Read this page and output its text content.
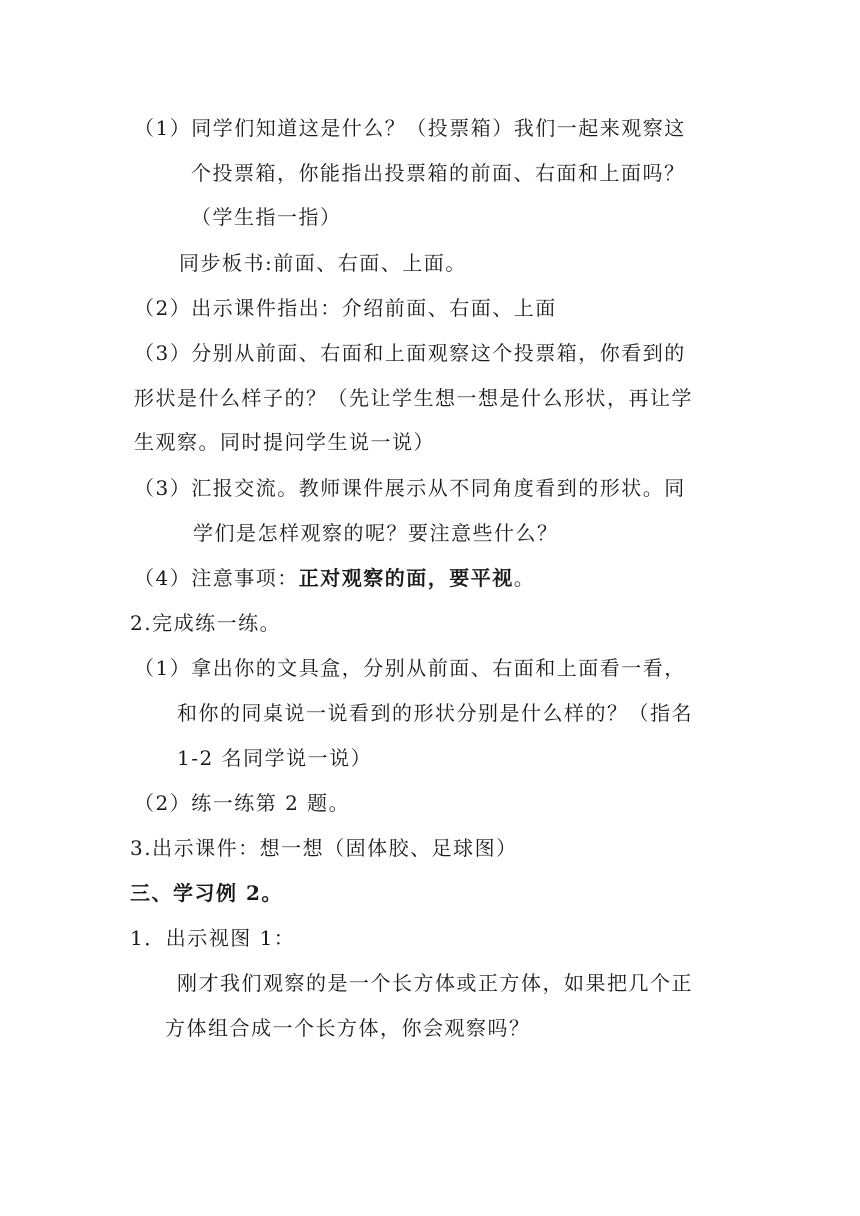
（1）同学们知道这是什么？（投票箱）我们一起来观察这
个投票箱，你能指出投票箱的前面、右面和上面吗？
（学生指一指）
同步板书:前面、右面、上面。
（2）出示课件指出：介绍前面、右面、上面
（3）分别从前面、右面和上面观察这个投票箱，你看到的
形状是什么样子的？（先让学生想一想是什么形状，再让学
生观察。同时提问学生说一说）
（3）汇报交流。教师课件展示从不同角度看到的形状。同
学们是怎样观察的呢？要注意些什么？
（4）注意事项：正对观察的面，要平视。
2.完成练一练。
（1）拿出你的文具盒，分别从前面、右面和上面看一看，
和你的同桌说一说看到的形状分别是什么样的？（指名
1-2 名同学说一说）
（2）练一练第 2 题。
3.出示课件：想一想（固体胶、足球图）
三、学习例 2。
1．出示视图 1：
刚才我们观察的是一个长方体或正方体，如果把几个正
方体组合成一个长方体，你会观察吗？
